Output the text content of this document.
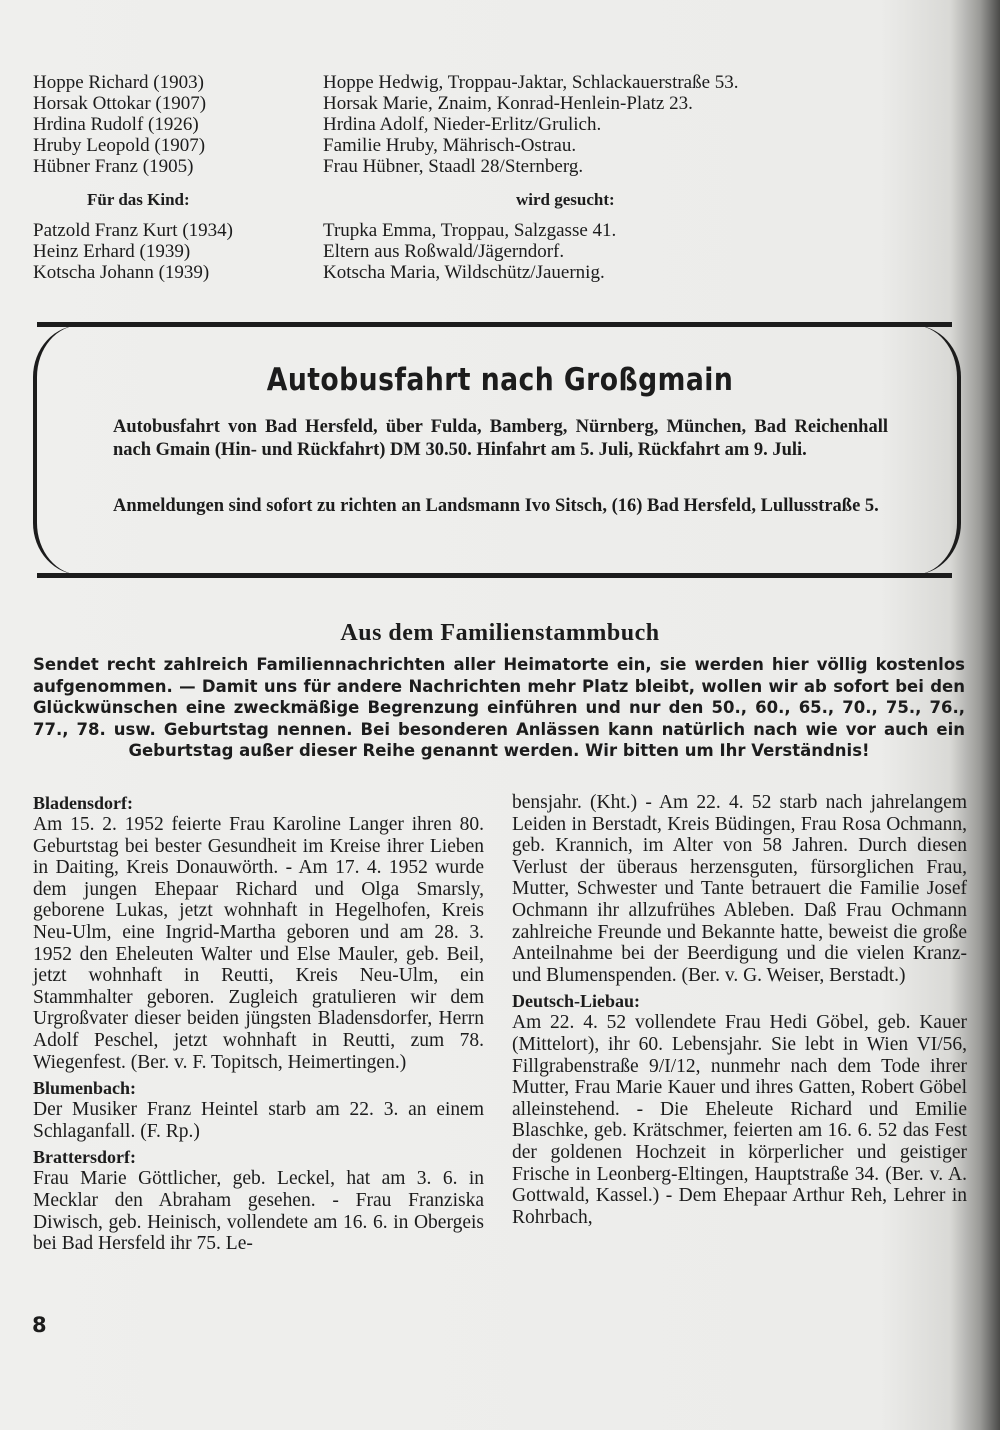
Hoppe Richard (1903)
Horsak Ottokar (1907)
Hrdina Rudolf (1926)
Hruby Leopold (1907)
Hübner Franz (1905)
Hoppe Hedwig, Troppau-Jaktar, Schlackauerstraße 53.
Horsak Marie, Znaim, Konrad-Henlein-Platz 23.
Hrdina Adolf, Nieder-Erlitz/Grulich.
Familie Hruby, Mährisch-Ostrau.
Frau Hübner, Staadl 28/Sternberg.
Für das Kind:	wird gesucht:
Patzold Franz Kurt (1934)
Heinz Erhard (1939)
Kotscha Johann (1939)
Trupka Emma, Troppau, Salzgasse 41.
Eltern aus Roßwald/Jägerndorf.
Kotscha Maria, Wildschütz/Jauernig.
Autobusfahrt nach Großgmain
Autobusfahrt von Bad Hersfeld, über Fulda, Bamberg, Nürnberg, München, Bad Reichenhall nach Gmain (Hin- und Rückfahrt) DM 30.50. Hinfahrt am 5. Juli, Rückfahrt am 9. Juli.
Anmeldungen sind sofort zu richten an Landsmann Ivo Sitsch, (16) Bad Hersfeld, Lullusstraße 5.
Aus dem Familienstammbuch
Sendet recht zahlreich Familiennachrichten aller Heimatorte ein, sie werden hier völlig kostenlos aufgenommen. — Damit uns für andere Nachrichten mehr Platz bleibt, wollen wir ab sofort bei den Glückwünschen eine zweckmäßige Begrenzung einführen und nur den 50., 60., 65., 70., 75., 76., 77., 78. usw. Geburtstag nennen. Bei besonderen Anlässen kann natürlich nach wie vor auch ein Geburtstag außer dieser Reihe genannt werden. Wir bitten um Ihr Verständnis!
Bladensdorf:

Am 15. 2. 1952 feierte Frau Karoline Langer ihren 80. Geburtstag bei bester Gesundheit im Kreise ihrer Lieben in Daiting, Kreis Donauwörth. - Am 17. 4. 1952 wurde dem jungen Ehepaar Richard und Olga Smarsly, geborene Lukas, jetzt wohnhaft in Hegelhofen, Kreis Neu-Ulm, eine Ingrid-Martha geboren und am 28. 3. 1952 den Eheleuten Walter und Else Mauler, geb. Beil, jetzt wohnhaft in Reutti, Kreis Neu-Ulm, ein Stammhalter geboren. Zugleich gratulieren wir dem Urgroßvater dieser beiden jüngsten Bladensdorfer, Herrn Adolf Peschel, jetzt wohnhaft in Reutti, zum 78. Wiegenfest. (Ber. v. F. Topitsch, Heimertingen.)

Blumenbach:

Der Musiker Franz Heintel starb am 22. 3. an einem Schlaganfall. (F. Rp.)

Brattersdorf:

Frau Marie Göttlicher, geb. Leckel, hat am 3. 6. in Mecklar den Abraham gesehen. - Frau Franziska Diwisch, geb. Heinisch, vollendete am 16. 6. in Obergeis bei Bad Hersfeld ihr 75. Le-

bensjahr. (Kht.) - Am 22. 4. 52 starb nach jahrelangem Leiden in Berstadt, Kreis Büdingen, Frau Rosa Ochmann, geb. Krannich, im Alter von 58 Jahren. Durch diesen Verlust der überaus herzensguten, fürsorglichen Frau, Mutter, Schwester und Tante betrauert die Familie Josef Ochmann ihr allzufrühes Ableben. Daß Frau Ochmann zahlreiche Freunde und Bekannte hatte, beweist die große Anteilnahme bei der Beerdigung und die vielen Kranz- und Blumenspenden. (Ber. v. G. Weiser, Berstadt.)

Deutsch-Liebau:

Am 22. 4. 52 vollendete Frau Hedi Göbel, geb. Kauer (Mittelort), ihr 60. Lebensjahr. Sie lebt in Wien VI/56, Fillgrabenstraße 9/I/12, nunmehr nach dem Tode ihrer Mutter, Frau Marie Kauer und ihres Gatten, Robert Göbel alleinstehend. - Die Eheleute Richard und Emilie Blaschke, geb. Krätschmer, feierten am 16. 6. 52 das Fest der goldenen Hochzeit in körperlicher und geistiger Frische in Leonberg-Eltingen, Hauptstraße 34. (Ber. v. A. Gottwald, Kassel.) - Dem Ehepaar Arthur Reh, Lehrer in Rohrbach,

8
